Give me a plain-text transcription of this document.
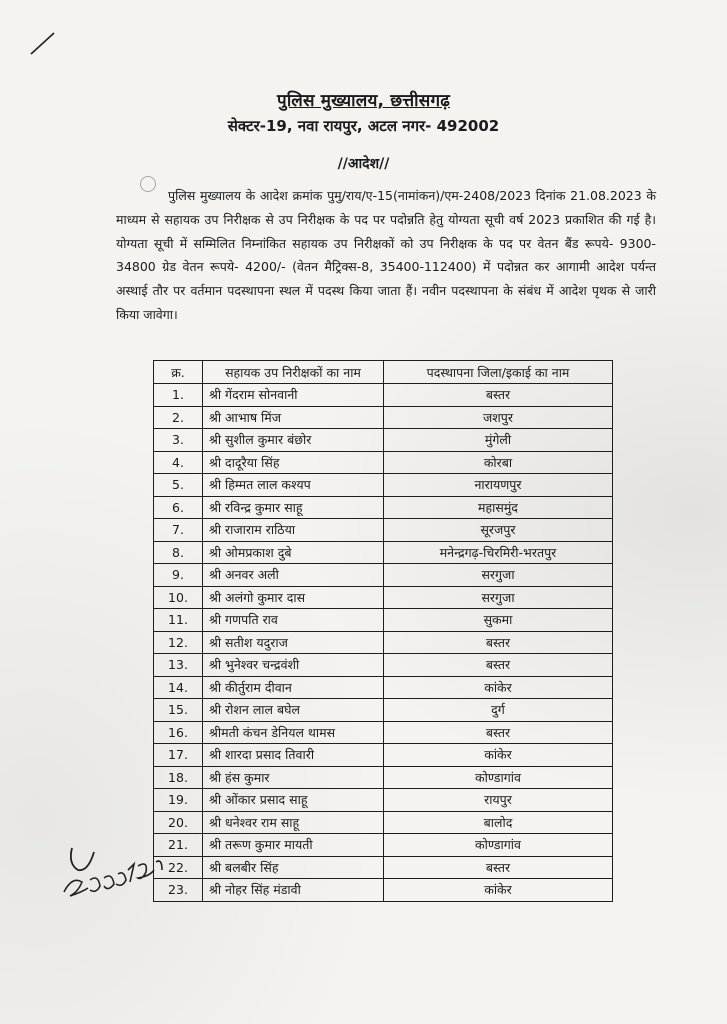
पुलिस मुख्यालय, छत्तीसगढ़
सेक्टर-19, नवा रायपुर, अटल नगर- 492002
//आदेश//
पुलिस मुख्यालय के आदेश क्रमांक पुमु/राय/ए-15(नामांकन)/एम-2408/2023 दिनांक 21.08.2023 के माध्यम से सहायक उप निरीक्षक से उप निरीक्षक के पद पर पदोन्नति हेतु योग्यता सूची वर्ष 2023 प्रकाशित की गई है। योग्यता सूची में सम्मिलित निम्नांकित सहायक उप निरीक्षकों को उप निरीक्षक के पद पर वेतन बैंड रूपये- 9300-34800 ग्रेड वेतन रूपये- 4200/- (वेतन मैट्रिक्स-8, 35400-112400) में पदोन्नत कर आगामी आदेश पर्यन्त अस्थाई तौर पर वर्तमान पदस्थापना स्थल में पदस्थ किया जाता हैं। नवीन पदस्थापना के संबंध में आदेश पृथक से जारी किया जावेगा।
क्र.	सहायक उप निरीक्षकों का नाम	पदस्थापना जिला/इकाई का नाम
1.	श्री गेंदराम सोनवानी	बस्तर
2.	श्री आभाष मिंज	जशपुर
3.	श्री सुशील कुमार बंछोर	मुंगेली
4.	श्री दादूरैया सिंह	कोरबा
5.	श्री हिम्मत लाल कश्यप	नारायणपुर
6.	श्री रविन्द्र कुमार साहू	महासमुंद
7.	श्री राजाराम राठिया	सूरजपुर
8.	श्री ओमप्रकाश दुबे	मनेन्द्रगढ़-चिरमिरी-भरतपुर
9.	श्री अनवर अली	सरगुजा
10.	श्री अलंगो कुमार दास	सरगुजा
11.	श्री गणपति राव	सुकमा
12.	श्री सतीश यदुराज	बस्तर
13.	श्री भुनेश्वर चन्द्रवंशी	बस्तर
14.	श्री कीर्तुराम दीवान	कांकेर
15.	श्री रोशन लाल बघेल	दुर्ग
16.	श्रीमती कंचन डेनियल थामस	बस्तर
17.	श्री शारदा प्रसाद तिवारी	कांकेर
18.	श्री हंस कुमार	कोण्डागांव
19.	श्री ओंकार प्रसाद साहू	रायपुर
20.	श्री धनेश्वर राम साहू	बालोद
21.	श्री तरूण कुमार मायती	कोण्डागांव
22.	श्री बलबीर सिंह	बस्तर
23.	श्री नोहर सिंह मंडावी	कांकेर
